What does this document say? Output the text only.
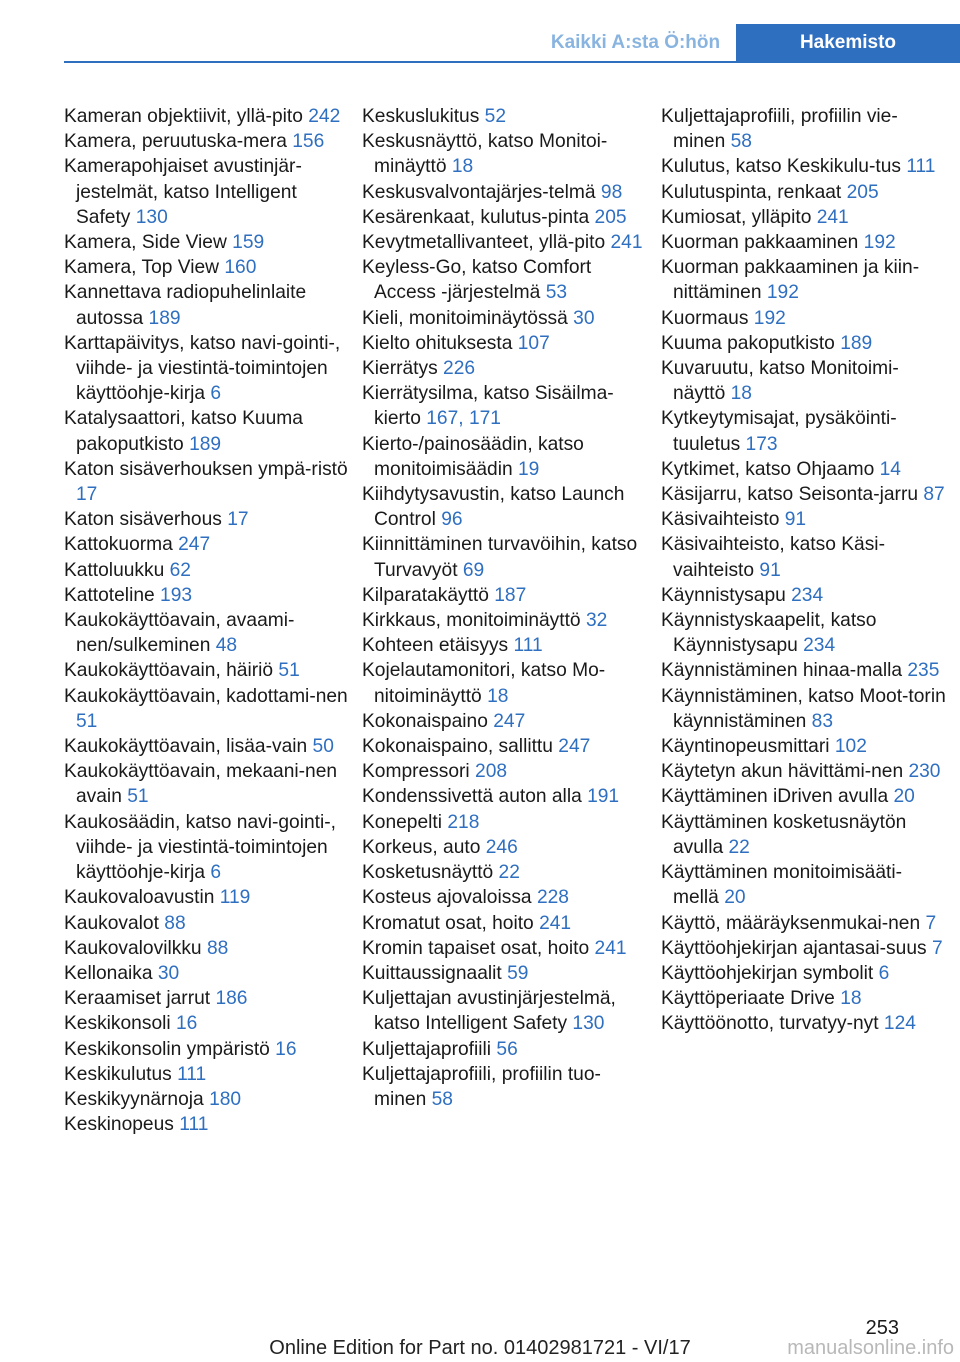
Kaikki A:sta Ö:hön	Hakemisto
Kameran objektiivit, yllä-pito 242
Kamera, peruutuska-mera 156
Kamerapohjaiset avustinjär-jestelmät, katso Intelligent Safety 130
Kamera, Side View 159
Kamera, Top View 160
Kannettava radiopuhelinlaite autossa 189
Karttapäivitys, katso navi-gointi-, viihde- ja viestintä-toimintojen käyttöohje-kirja 6
Katalysaattori, katso Kuuma pakoputkisto 189
Katon sisäverhouksen ympä-ristö 17
Katon sisäverhous 17
Kattokuorma 247
Kattoluukku 62
Kattoteline 193
Kaukokäyttöavain, avaami-nen/sulkeminen 48
Kaukokäyttöavain, häiriö 51
Kaukokäyttöavain, kadottami-nen 51
Kaukokäyttöavain, lisäa-vain 50
Kaukokäyttöavain, mekaani-nen avain 51
Kaukosäädin, katso navi-gointi-, viihde- ja viestintä-toimintojen käyttöohje-kirja 6
Kaukovaloavustin 119
Kaukovalot 88
Kaukovalovilkku 88
Kellonaika 30
Keraamiset jarrut 186
Keskikonsoli 16
Keskikonsolin ympäristö 16
Keskikulutus 111
Keskikyynärnoja 180
Keskinopeus 111
Keskuslukitus 52
Keskusnäyttö, katso Monitoi-minäyttö 18
Keskusvalvontajärjes-telmä 98
Kesärenkaat, kulutus-pinta 205
Kevytmetallivanteet, yllä-pito 241
Keyless-Go, katso Comfort Access -järjestelmä 53
Kieli, monitoiminäytössä 30
Kielto ohituksesta 107
Kierrätys 226
Kierrätysilma, katso Sisäilma-kierto 167, 171
Kierto-/painosäädin, katso monitoimisäädin 19
Kiihdytysavustin, katso Launch Control 96
Kiinnittäminen turvavöihin, katso Turvavyöt 69
Kilparatakäyttö 187
Kirkkaus, monitoiminäyttö 32
Kohteen etäisyys 111
Kojelautamonitori, katso Mo-nitoiminäyttö 18
Kokonaispaino 247
Kokonaispaino, sallittu 247
Kompressori 208
Kondenssivettä auton alla 191
Konepelti 218
Korkeus, auto 246
Kosketusnäyttö 22
Kosteus ajovaloissa 228
Kromatut osat, hoito 241
Kromin tapaiset osat, hoito 241
Kuittaussignaalit 59
Kuljettajan avustinjärjestelmä, katso Intelligent Safety 130
Kuljettajaprofiili 56
Kuljettajaprofiili, profiilin tuo-minen 58
Kuljettajaprofiili, profiilin vie-minen 58
Kulutus, katso Keskikulu-tus 111
Kulutuspinta, renkaat 205
Kumiosat, ylläpito 241
Kuorman pakkaaminen 192
Kuorman pakkaaminen ja kiin-nittäminen 192
Kuormaus 192
Kuuma pakoputkisto 189
Kuvaruutu, katso Monitoimi-näyttö 18
Kytkeytymisajat, pysäköinti-tuuletus 173
Kytkimet, katso Ohjaamo 14
Käsijarru, katso Seisonta-jarru 87
Käsivaihteisto 91
Käsivaihteisto, katso Käsi-vaihteisto 91
Käynnistysapu 234
Käynnistyskaapelit, katso Käynnistysapu 234
Käynnistäminen hinaa-malla 235
Käynnistäminen, katso Moot-torin käynnistäminen 83
Käyntinopeusmittari 102
Käytetyn akun hävittämi-nen 230
Käyttäminen iDriven avulla 20
Käyttäminen kosketusnäytön avulla 22
Käyttäminen monitoimisääti-mellä 20
Käyttö, määräyksenmukai-nen 7
Käyttöohjekirjan ajantasai-suus 7
Käyttöohjekirjan symbolit 6
Käyttöperiaate Drive 18
Käyttöönotto, turvatyy-nyt 124
253
Online Edition for Part no. 01402981721 - VI/17	manualsonline.info
